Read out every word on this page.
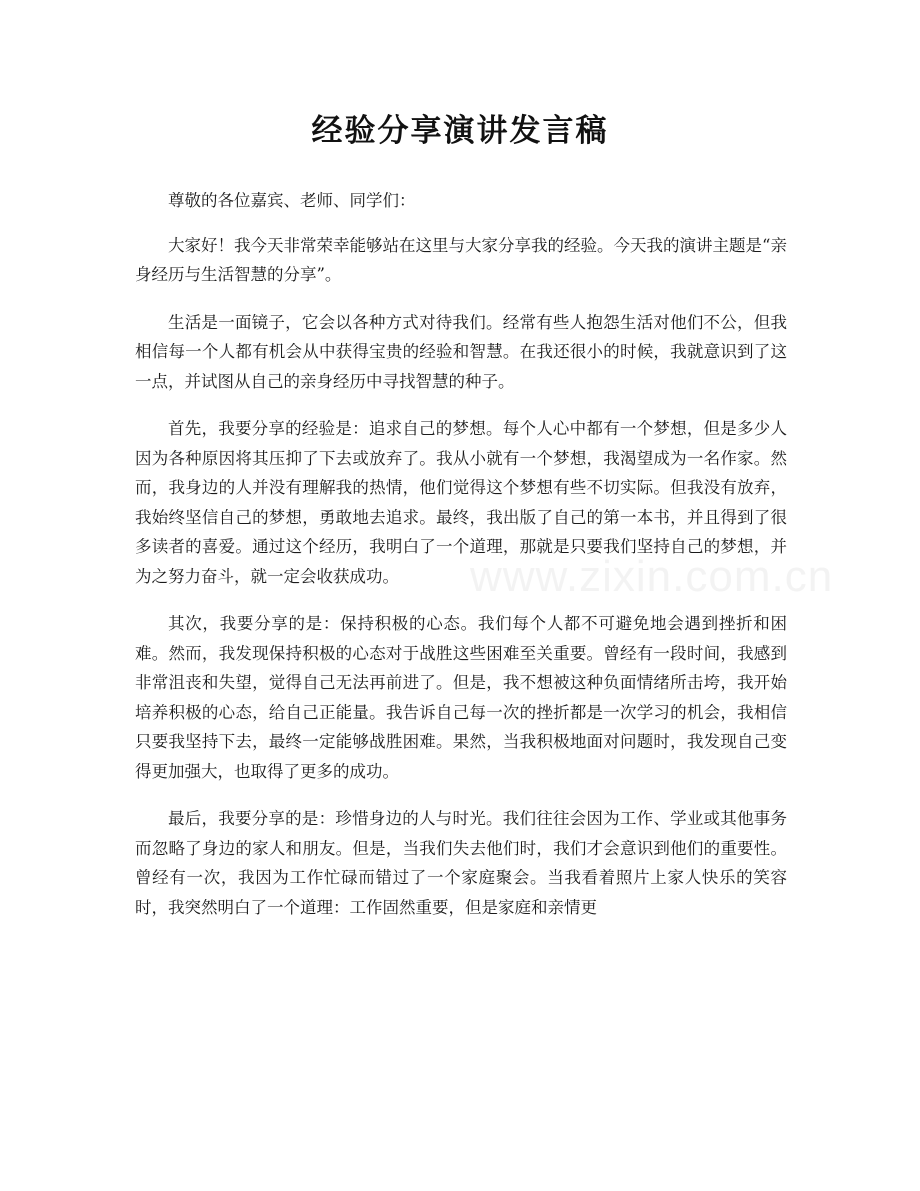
经验分享演讲发言稿

尊敬的各位嘉宾、老师、同学们：

大家好！我今天非常荣幸能够站在这里与大家分享我的经验。今天我的演讲主题是“亲身经历与生活智慧的分享”。

生活是一面镜子，它会以各种方式对待我们。经常有些人抱怨生活对他们不公，但我相信每一个人都有机会从中获得宝贵的经验和智慧。在我还很小的时候，我就意识到了这一点，并试图从自己的亲身经历中寻找智慧的种子。

首先，我要分享的经验是：追求自己的梦想。每个人心中都有一个梦想，但是多少人因为各种原因将其压抑了下去或放弃了。我从小就有一个梦想，我渴望成为一名作家。然而，我身边的人并没有理解我的热情，他们觉得这个梦想有些不切实际。但我没有放弃，我始终坚信自己的梦想，勇敢地去追求。最终，我出版了自己的第一本书，并且得到了很多读者的喜爱。通过这个经历，我明白了一个道理，那就是只要我们坚持自己的梦想，并为之努力奋斗，就一定会收获成功。

其次，我要分享的是：保持积极的心态。我们每个人都不可避免地会遇到挫折和困难。然而，我发现保持积极的心态对于战胜这些困难至关重要。曾经有一段时间，我感到非常沮丧和失望，觉得自己无法再前进了。但是，我不想被这种负面情绪所击垮，我开始培养积极的心态，给自己正能量。我告诉自己每一次的挫折都是一次学习的机会，我相信只要我坚持下去，最终一定能够战胜困难。果然，当我积极地面对问题时，我发现自己变得更加强大，也取得了更多的成功。

最后，我要分享的是：珍惜身边的人与时光。我们往往会因为工作、学业或其他事务而忽略了身边的家人和朋友。但是，当我们失去他们时，我们才会意识到他们的重要性。曾经有一次，我因为工作忙碌而错过了一个家庭聚会。当我看着照片上家人快乐的笑容时，我突然明白了一个道理：工作固然重要，但是家庭和亲情更

www.zixin.com.cn
